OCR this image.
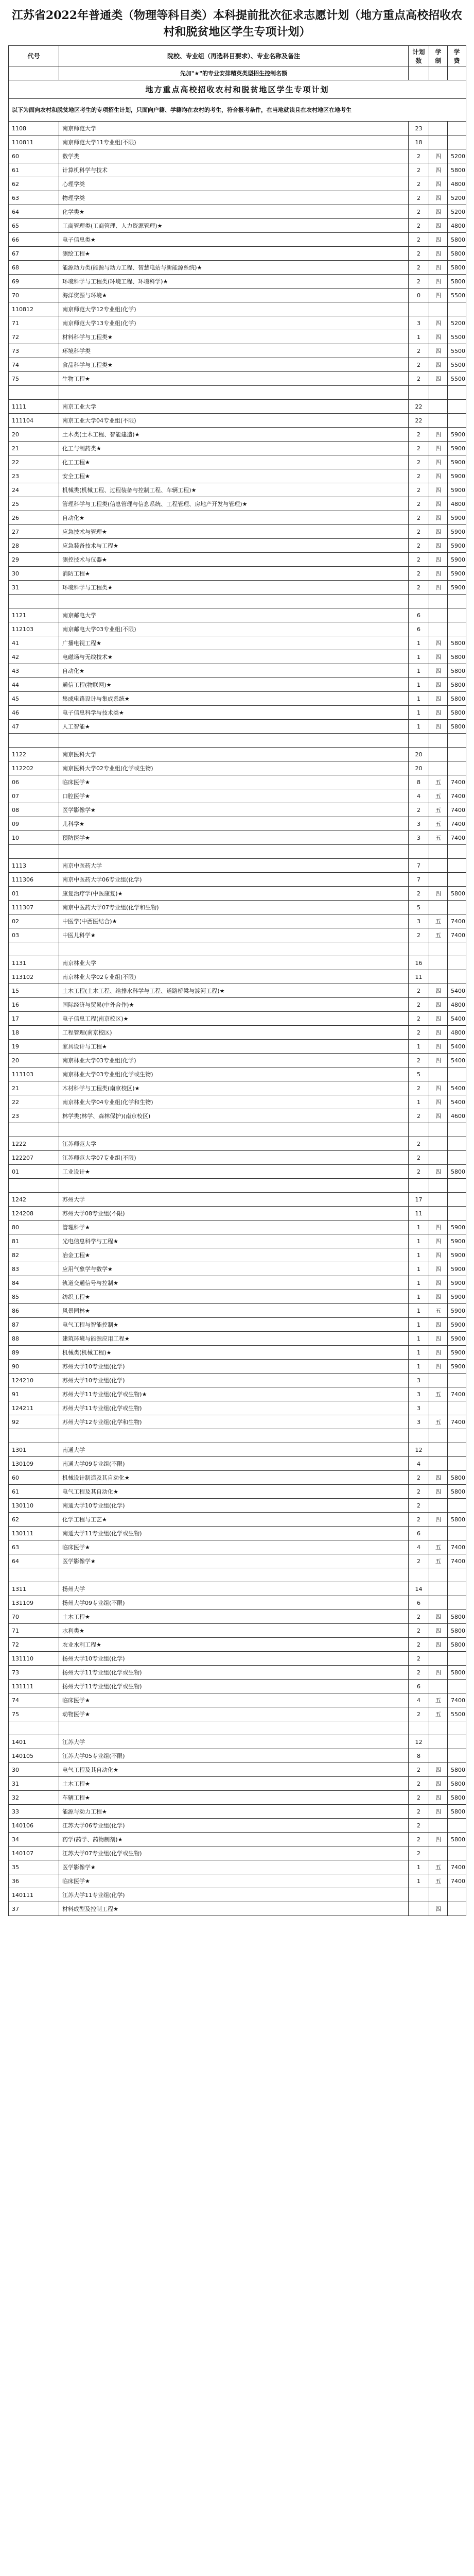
江苏省2022年普通类（物理等科目类）本科提前批次征求志愿计划（地方重点高校招收农村和脱贫地区学生专项计划）
代号	院校、专业组（再选科目要求）、专业名称及备注	计划数	学制	学费
	先加"★"的专业安排精英类型招生控制名额			
地方重点高校招收农村和脱贫地区学生专项计划				
以下为面向农村和脱贫地区考生的专项招生计划，只面向户籍、学籍均在农村的考生，符合报考条件，在当地就读且在农村地区在地考生				
1108	南京师范大学	23		
110811	南京师范大学11专业组(不限)	18		
60	数学类	2	四	5200
61	计算机科学与技术	2	四	5800
62	心理学类	2	四	4800
63	物理学类	2	四	5200
64	化学类★	2	四	5200
65	工商管理类(工商管理、人力资源管理)★	2	四	4800
66	电子信息类★	2	四	5800
67	测绘工程★	2	四	5800
68	能源动力类(能源与动力工程、智慧电站与新能源系统)★	2	四	5800
69	环境科学与工程类(环境工程、环境科学)★	2	四	5800
70	海洋资源与环境★	0	四	5500
110812	南京师范大学12专业组(化学)			
71	南京师范大学13专业组(化学)	3	四	5200
72	材料科学与工程类★	1	四	5500
73	环境科学类	2	四	5500
74	食品科学与工程类★	2	四	5500
75	生物工程★	2	四	5500

1111	南京工业大学	22		
111104	南京工业大学04专业组(不限)	22		
20	土木类(土木工程、智能建造)★	2	四	5900
21	化工与制药类★	2	四	5900
22	化工工程★	2	四	5900
23	安全工程★	2	四	5900
24	机械类(机械工程、过程装备与控制工程、车辆工程)★	2	四	5900
25	管理科学与工程类(信息管理与信息系统、工程管理、房地产开发与管理)★	2	四	4800
26	自动化★	2	四	5900
27	应急技术与管理★	2	四	5900
28	应急装备技术与工程★	2	四	5900
29	测控技术与仪器★	2	四	5900
30	消防工程★	2	四	5900
31	环境科学与工程类★	2	四	5900

1121	南京邮电大学	6		
112103	南京邮电大学03专业组(不限)	6		
41	广播电视工程★	1	四	5800
42	电磁场与无线技术★	1	四	5800
43	自动化★	1	四	5800
44	通信工程(物联网)★	1	四	5800
45	集成电路设计与集成系统★	1	四	5800
46	电子信息科学与技术类★	1	四	5800
47	人工智能★	1	四	5800

1122	南京医科大学	20		
112202	南京医科大学02专业组(化学或生物)	20		
06	临床医学★	8	五	7400
07	口腔医学★	4	五	7400
08	医学影像学★	2	五	7400
09	儿科学★	3	五	7400
10	预防医学★	3	五	7400

1113	南京中医药大学	7		
111306	南京中医药大学06专业组(化学)	7		
01	康复治疗学(中医康复)★	2	四	5800
111307	南京中医药大学07专业组(化学和生物)	5		
02	中医学(中西医结合)★	3	五	7400
03	中医儿科学★	2	五	7400

1131	南京林业大学	16		
113102	南京林业大学02专业组(不限)	11		
15	土木工程(土木工程、给排水科学与工程、道路桥梁与渡河工程)★	2	四	5400
16	国际经济与贸易(中外合作)★	2	四	4800
17	电子信息工程(南京校区)★	2	四	5400
18	工程管理(南京校区)	2	四	4800
19	家具设计与工程★	1	四	5400
20	南京林业大学03专业组(化学)	2	四	5400
113103	南京林业大学03专业组(化学或生物)	5		
21	木材科学与工程类(南京校区)★	2	四	5400
22	南京林业大学04专业组(化学和生物)	1	四	5400
23	林学类(林学、森林保护)(南京校区)	2	四	4600

1222	江苏师范大学	2		
122207	江苏师范大学07专业组(不限)	2		
01	工业设计★	2	四	5800

1242	苏州大学	17		
124208	苏州大学08专业组(不限)	11		
80	管理科学★	1	四	5900
81	光电信息科学与工程★	1	四	5900
82	冶金工程★	1	四	5900
83	应用气象学与数学★	1	四	5900
84	轨道交通信号与控制★	1	四	5900
85	纺织工程★	1	四	5900
86	风景园林★	1	五	5900
87	电气工程与智能控制★	1	四	5900
88	建筑环境与能源应用工程★	1	四	5900
89	机械类(机械工程)★	1	四	5900
90	苏州大学10专业组(化学)	1	四	5900
124210	苏州大学10专业组(化学)	3		
91	苏州大学11专业组(化学或生物)★	3	五	7400
124211	苏州大学11专业组(化学或生物)	3		
92	苏州大学12专业组(化学和生物)	3	五	7400

1301	南通大学	12		
130109	南通大学09专业组(不限)	4		
60	机械设计制造及其自动化★	2	四	5800
61	电气工程及其自动化★	2	四	5800
130110	南通大学10专业组(化学)	2		
62	化学工程与工艺★	2	四	5800
130111	南通大学11专业组(化学或生物)	6		
63	临床医学★	4	五	7400
64	医学影像学★	2	五	7400

1311	扬州大学	14		
131109	扬州大学09专业组(不限)	6		
70	土木工程★	2	四	5800
71	水利类★	2	四	5800
72	农业水利工程★	2	四	5800
131110	扬州大学10专业组(化学)	2		
73	扬州大学11专业组(化学或生物)	2	四	5800
131111	扬州大学11专业组(化学或生物)	6		
74	临床医学★	4	五	7400
75	动物医学★	2	五	5500

1401	江苏大学	12		
140105	江苏大学05专业组(不限)	8		
30	电气工程及其自动化★	2	四	5800
31	土木工程★	2	四	5800
32	车辆工程★	2	四	5800
33	能源与动力工程★	2	四	5800
140106	江苏大学06专业组(化学)	2		
34	药学(药学、药物制剂)★	2	四	5800
140107	江苏大学07专业组(化学或生物)	2		
35	医学影像学★	1	五	7400
36	临床医学★	1	五	7400
140111	江苏大学11专业组(化学)			
37	材料成型及控制工程★		四	
